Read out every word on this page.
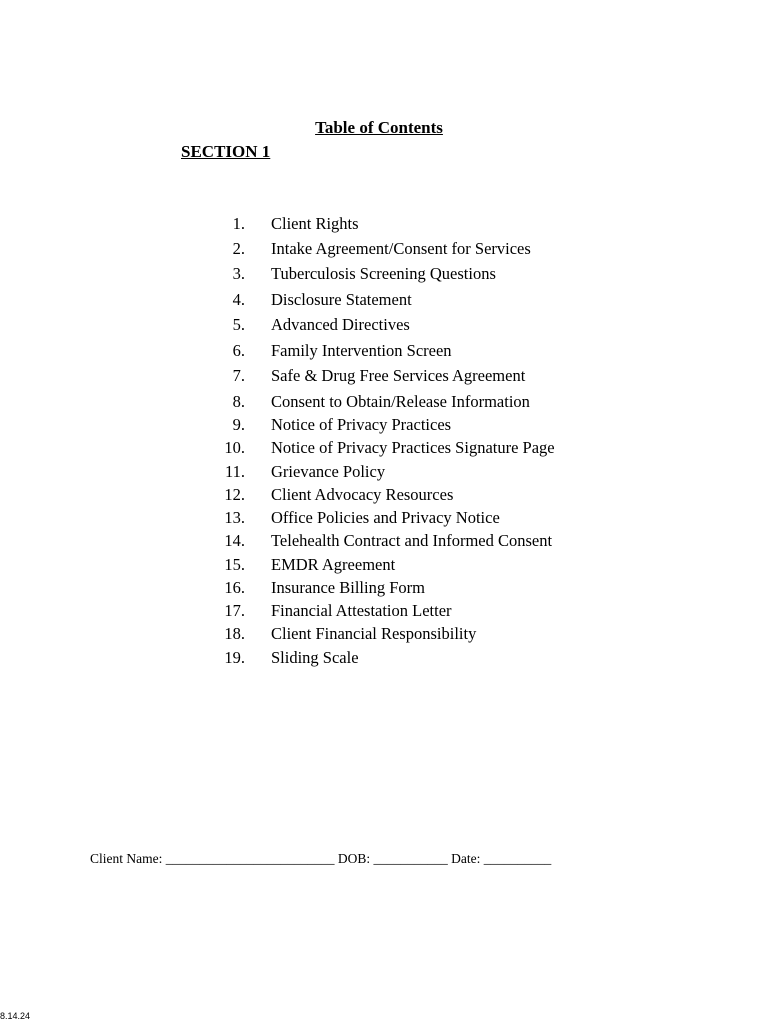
Table of Contents
SECTION 1
1. Client Rights
2. Intake Agreement/Consent for Services
3. Tuberculosis Screening Questions
4. Disclosure Statement
5. Advanced Directives
6. Family Intervention Screen
7. Safe & Drug Free Services Agreement
8. Consent to Obtain/Release Information
9. Notice of Privacy Practices
10. Notice of Privacy Practices Signature Page
11. Grievance Policy
12. Client Advocacy Resources
13. Office Policies and Privacy Notice
14. Telehealth Contract and Informed Consent
15. EMDR Agreement
16. Insurance Billing Form
17. Financial Attestation Letter
18. Client Financial Responsibility
19. Sliding Scale

Client Name: _________________________ DOB: ___________ Date: __________

8.14.24
